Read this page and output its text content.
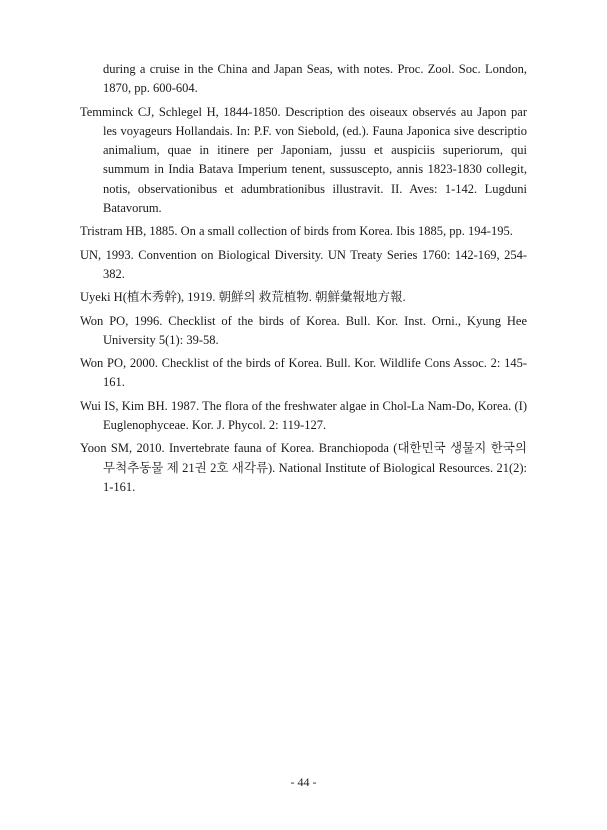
during a cruise in the China and Japan Seas, with notes. Proc. Zool. Soc. London, 1870, pp. 600-604.

Temminck CJ, Schlegel H, 1844-1850. Description des oiseaux observés au Japon par les voyageurs Hollandais. In: P.F. von Siebold, (ed.). Fauna Japonica sive descriptio animalium, quae in itinere per Japoniam, jussu et auspiciis superiorum, qui summum in India Batava Imperium tenent, sussuscepto, annis 1823-1830 collegit, notis, observationibus et adumbrationibus illustravit. II. Aves: 1-142. Lugduni Batavorum.

Tristram HB, 1885. On a small collection of birds from Korea. Ibis 1885, pp. 194-195.

UN, 1993. Convention on Biological Diversity. UN Treaty Series 1760: 142-169, 254-382.

Uyeki H(植木秀幹), 1919. 朝鮮의 救荒植物. 朝鮮彙報地方報.

Won PO, 1996. Checklist of the birds of Korea. Bull. Kor. Inst. Orni., Kyung Hee University 5(1): 39-58.

Won PO, 2000. Checklist of the birds of Korea. Bull. Kor. Wildlife Cons Assoc. 2: 145-161.

Wui IS, Kim BH. 1987. The flora of the freshwater algae in Chol-La Nam-Do, Korea. (I) Euglenophyceae. Kor. J. Phycol. 2: 119-127.

Yoon SM, 2010. Invertebrate fauna of Korea. Branchiopoda (대한민국 생물지 한국의 무척추동물 제 21권 2호 새각류). National Institute of Biological Resources. 21(2): 1-161.

- 44 -
